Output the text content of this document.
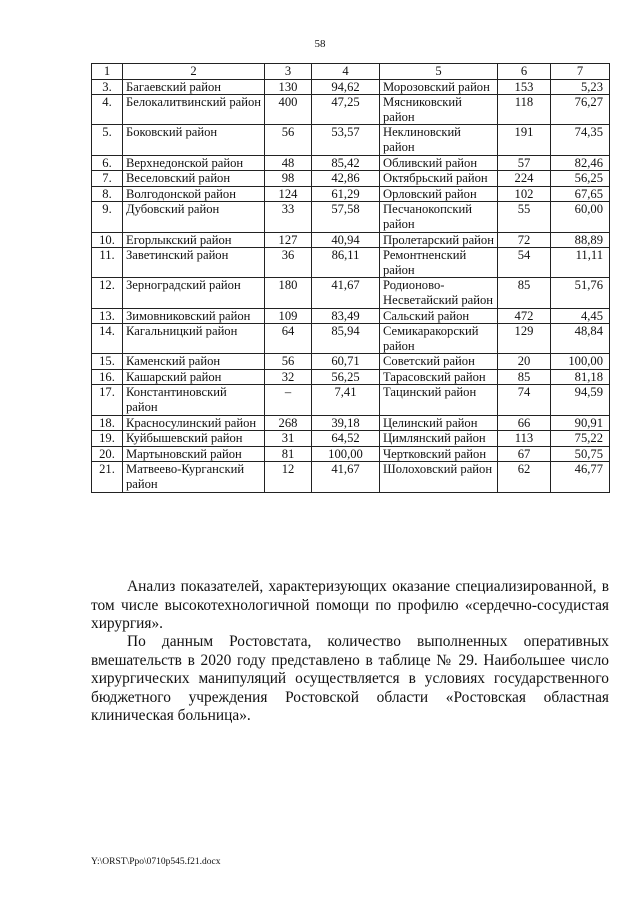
58
1	2	3	4	5	6	7
3.	Багаевский район	130	94,62	Морозовский район	153	5,23
4.	Белокалитвинский район	400	47,25	Мясниковский район	118	76,27
5.	Боковский район	56	53,57	Неклиновский район	191	74,35
6.	Верхнедонской район	48	85,42	Обливский район	57	82,46
7.	Веселовский район	98	42,86	Октябрьский район	224	56,25
8.	Волгодонской район	124	61,29	Орловский район	102	67,65
9.	Дубовский район	33	57,58	Песчанокопский район	55	60,00
10.	Егорлыкский район	127	40,94	Пролетарский район	72	88,89
11.	Заветинский район	36	86,11	Ремонтненский район	54	11,11
12.	Зерноградский район	180	41,67	Родионово-Несветайский район	85	51,76
13.	Зимовниковский район	109	83,49	Сальский район	472	4,45
14.	Кагальницкий район	64	85,94	Семикаракорский район	129	48,84
15.	Каменский район	56	60,71	Советский район	20	100,00
16.	Кашарский район	32	56,25	Тарасовский район	85	81,18
17.	Константиновский район	–	7,41	Тацинский район	74	94,59
18.	Красносулинский район	268	39,18	Целинский район	66	90,91
19.	Куйбышевский район	31	64,52	Цимлянский район	113	75,22
20.	Мартыновский район	81	100,00	Чертковский район	67	50,75
21.	Матвеево-Курганский район	12	41,67	Шолоховский район	62	46,77

Анализ показателей, характеризующих оказание специализированной, в том числе высокотехнологичной помощи по профилю «сердечно-сосудистая хирургия».

По данным Ростовстата, количество выполненных оперативных вмешательств в 2020 году представлено в таблице № 29. Наибольшее число хирургических манипуляций осуществляется в условиях государственного бюджетного учреждения Ростовской области «Ростовская областная клиническая больница».

Y:\ORST\Ppo\0710p545.f21.docx
